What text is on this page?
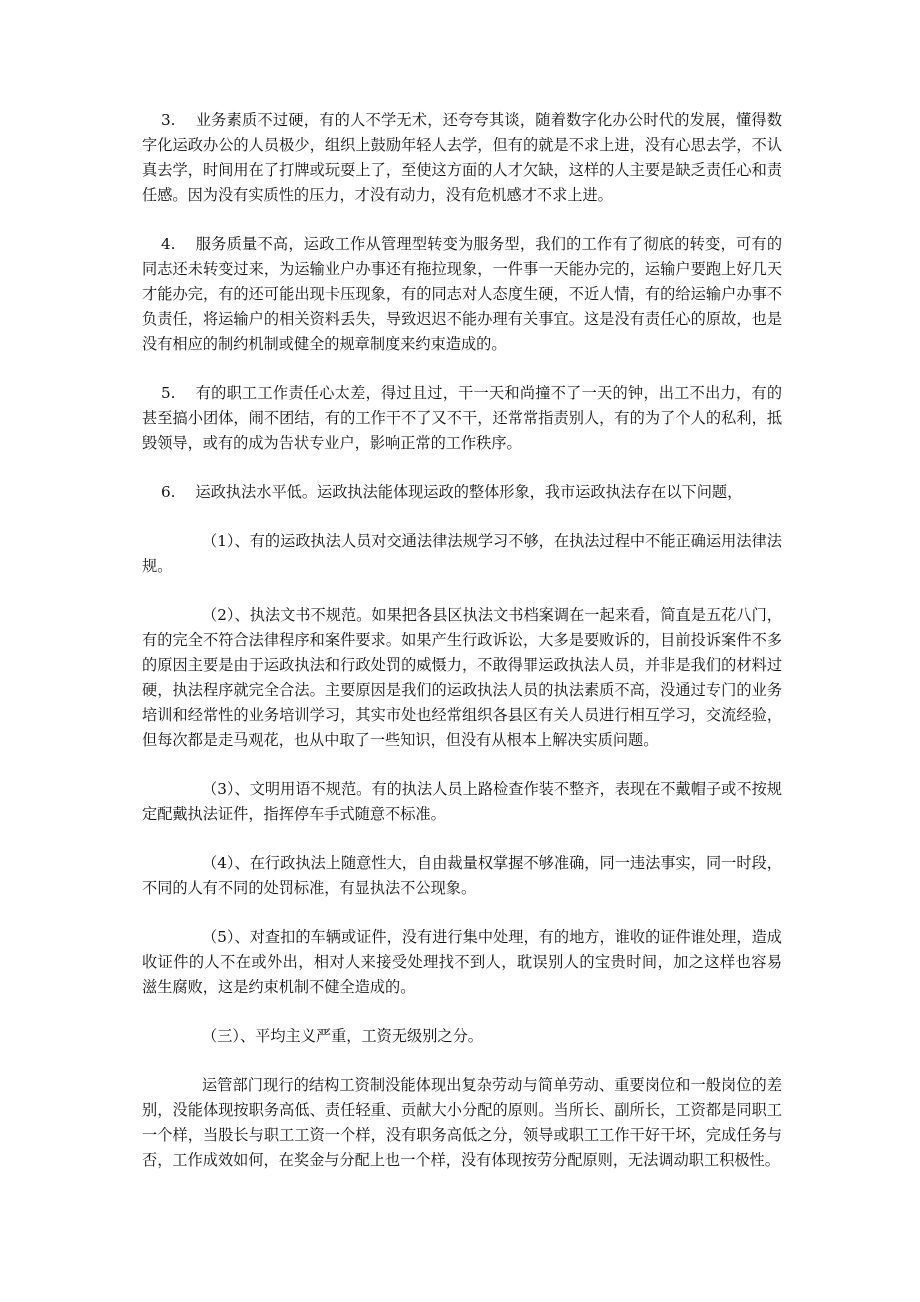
3. 业务素质不过硬，有的人不学无术，还夸夸其谈，随着数字化办公时代的发展，懂得数字化运政办公的人员极少，组织上鼓励年轻人去学，但有的就是不求上进，没有心思去学，不认真去学，时间用在了打牌或玩耍上了，至使这方面的人才欠缺，这样的人主要是缺乏责任心和责任感。因为没有实质性的压力，才没有动力，没有危机感才不求上进。

4. 服务质量不高，运政工作从管理型转变为服务型，我们的工作有了彻底的转变，可有的同志还未转变过来，为运输业户办事还有拖拉现象，一件事一天能办完的，运输户要跑上好几天才能办完，有的还可能出现卡压现象，有的同志对人态度生硬，不近人情，有的给运输户办事不负责任，将运输户的相关资料丢失，导致迟迟不能办理有关事宜。这是没有责任心的原故，也是没有相应的制约机制或健全的规章制度来约束造成的。

5. 有的职工工作责任心太差，得过且过，干一天和尚撞不了一天的钟，出工不出力，有的甚至搞小团体，闹不团结，有的工作干不了又不干，还常常指责别人，有的为了个人的私利，抵毁领导，或有的成为告状专业户，影响正常的工作秩序。

6. 运政执法水平低。运政执法能体现运政的整体形象，我市运政执法存在以下问题，

（1）、有的运政执法人员对交通法律法规学习不够，在执法过程中不能正确运用法律法规。

（2）、执法文书不规范。如果把各县区执法文书档案调在一起来看，简直是五花八门，有的完全不符合法律程序和案件要求。如果产生行政诉讼，大多是要败诉的，目前投诉案件不多的原因主要是由于运政执法和行政处罚的威慑力，不敢得罪运政执法人员，并非是我们的材料过硬，执法程序就完全合法。主要原因是我们的运政执法人员的执法素质不高，没通过专门的业务培训和经常性的业务培训学习，其实市处也经常组织各县区有关人员进行相互学习，交流经验，但每次都是走马观花，也从中取了一些知识，但没有从根本上解决实质问题。

（3）、文明用语不规范。有的执法人员上路检查作装不整齐，表现在不戴帽子或不按规定配戴执法证件，指挥停车手式随意不标准。

（4）、在行政执法上随意性大，自由裁量权掌握不够准确，同一违法事实，同一时段，不同的人有不同的处罚标准，有显执法不公现象。

（5）、对查扣的车辆或证件，没有进行集中处理，有的地方，谁收的证件谁处理，造成收证件的人不在或外出，相对人来接受处理找不到人，耽误别人的宝贵时间，加之这样也容易　滋生腐败，这是约束机制不健全造成的。

（三）、平均主义严重，工资无级别之分。

运管部门现行的结构工资制没能体现出复杂劳动与简单劳动、重要岗位和一般岗位的差别，没能体现按职务高低、责任轻重、贡献大小分配的原则。当所长、副所长，工资都是同职工一个样，当股长与职工工资一个样，没有职务高低之分，领导或职工工作干好干坏，完成任务与否，工作成效如何，在奖金与分配上也一个样，没有体现按劳分配原则，无法调动职工积极性。
